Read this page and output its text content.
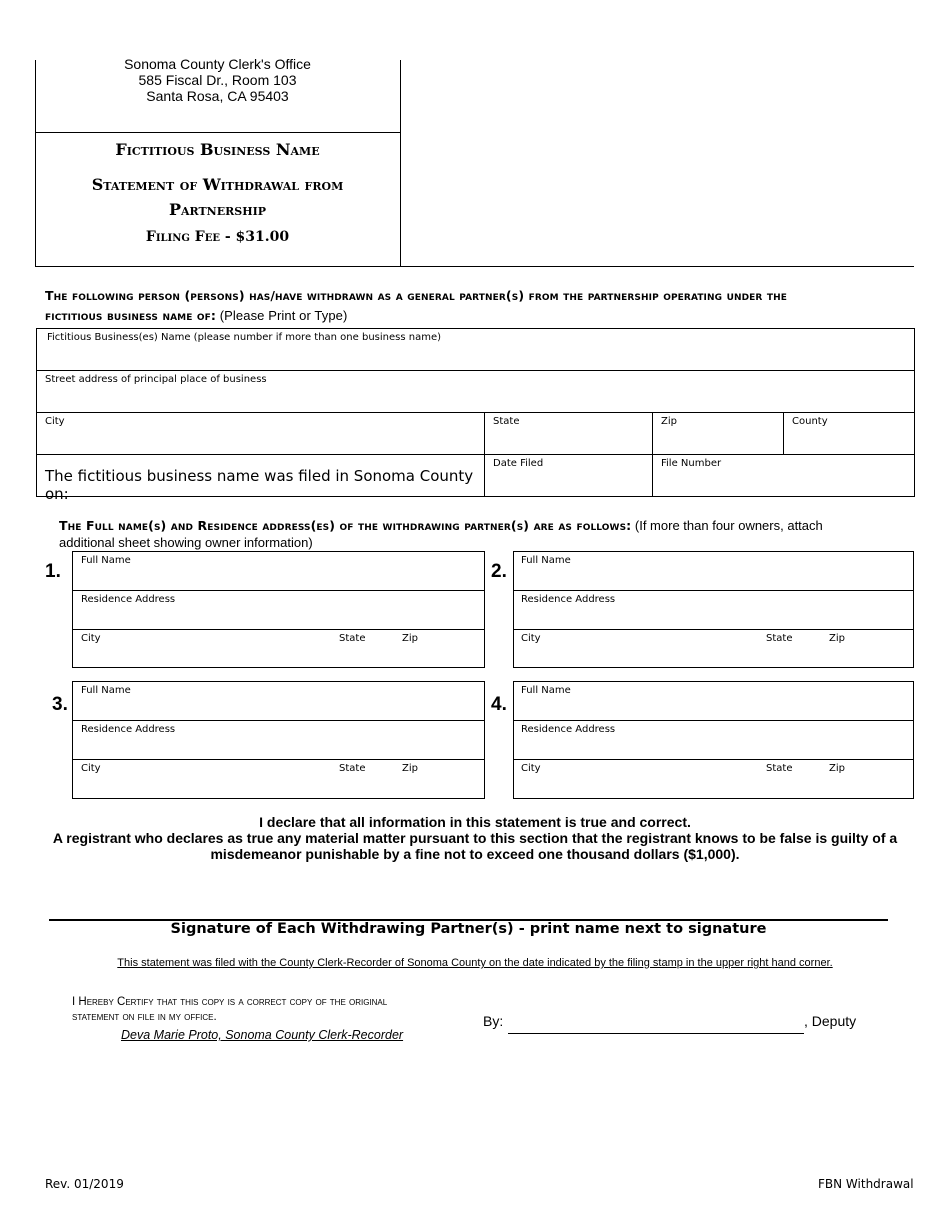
Sonoma County Clerk's Office
585 Fiscal Dr., Room 103
Santa Rosa, CA 95403
Fictitious Business Name
Statement of Withdrawal from
Partnership
Filing Fee - $31.00
The following person (persons) has/have withdrawn as a general partner(s) from the partnership operating under the
fictitious business name of: (Please Print or Type)
Fictitious Business(es) Name (please number if more than one business name)
Street address of principal place of business
City	State	Zip	County
The fictitious business name was filed in Sonoma County on:
Date Filed	File Number
The Full name(s) and Residence address(es) of the withdrawing partner(s) are as follows: (If more than four owners, attach
additional sheet showing owner information)
1.
Full Name
Residence Address
City	State	Zip
2.
Full Name
Residence Address
City	State	Zip
3.
Full Name
Residence Address
City	State	Zip
4.
Full Name
Residence Address
City	State	Zip
I declare that all information in this statement is true and correct.
A registrant who declares as true any material matter pursuant to this section that the registrant knows to be false is guilty of a
misdemeanor punishable by a fine not to exceed one thousand dollars ($1,000).
Signature of Each Withdrawing Partner(s) - print name next to signature
This statement was filed with the County Clerk-Recorder of Sonoma County on the date indicated by the filing stamp in the upper right hand corner.
I Hereby Certify that this copy is a correct copy of the original
statement on file in my office.
Deva Marie Proto, Sonoma County Clerk-Recorder
By:	, Deputy
Rev. 01/2019	FBN Withdrawal
